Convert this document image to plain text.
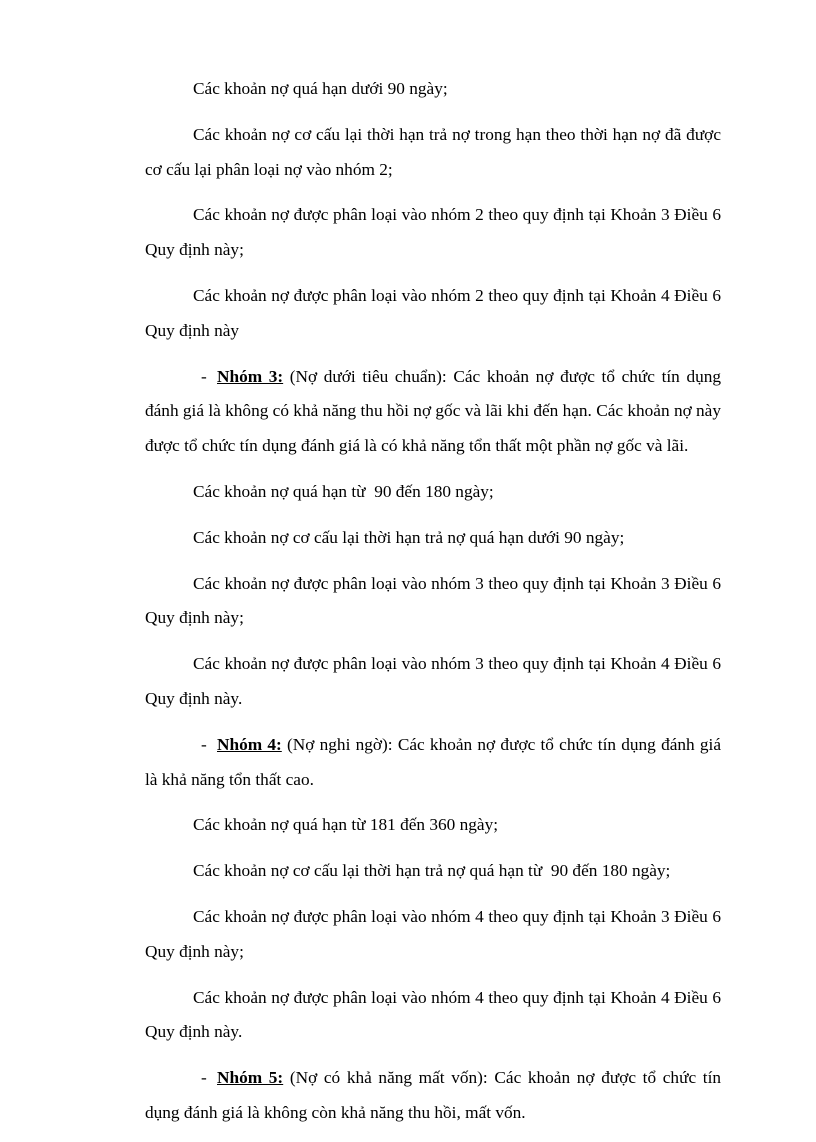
Các khoản nợ quá hạn dưới 90 ngày;

Các khoản nợ cơ cấu lại thời hạn trả nợ trong hạn theo thời hạn nợ đã được cơ cấu lại phân loại nợ vào nhóm 2;

Các khoản nợ được phân loại vào nhóm 2 theo quy định tại Khoản 3 Điều 6 Quy định này;

Các khoản nợ được phân loại vào nhóm 2 theo quy định tại Khoản 4 Điều 6 Quy định này

- Nhóm 3: (Nợ dưới tiêu chuẩn): Các khoản nợ được tổ chức tín dụng đánh giá là không có khả năng thu hồi nợ gốc và lãi khi đến hạn. Các khoản nợ này được tổ chức tín dụng đánh giá là có khả năng tổn thất một phần nợ gốc và lãi.

Các khoản nợ quá hạn từ  90 đến 180 ngày;

Các khoản nợ cơ cấu lại thời hạn trả nợ quá hạn dưới 90 ngày;

Các khoản nợ được phân loại vào nhóm 3 theo quy định tại Khoản 3 Điều 6 Quy định này;

Các khoản nợ được phân loại vào nhóm 3 theo quy định tại Khoản 4 Điều 6 Quy định này.

- Nhóm 4: (Nợ nghi ngờ): Các khoản nợ được tổ chức tín dụng đánh giá là khả năng tổn thất cao.

Các khoản nợ quá hạn từ 181 đến 360 ngày;

Các khoản nợ cơ cấu lại thời hạn trả nợ quá hạn từ  90 đến 180 ngày;

Các khoản nợ được phân loại vào nhóm 4 theo quy định tại Khoản 3 Điều 6 Quy định này;

Các khoản nợ được phân loại vào nhóm 4 theo quy định tại Khoản 4 Điều 6 Quy định này.

- Nhóm 5: (Nợ có khả năng mất vốn): Các khoản nợ được tổ chức tín dụng đánh giá là không còn khả năng thu hồi, mất vốn.
